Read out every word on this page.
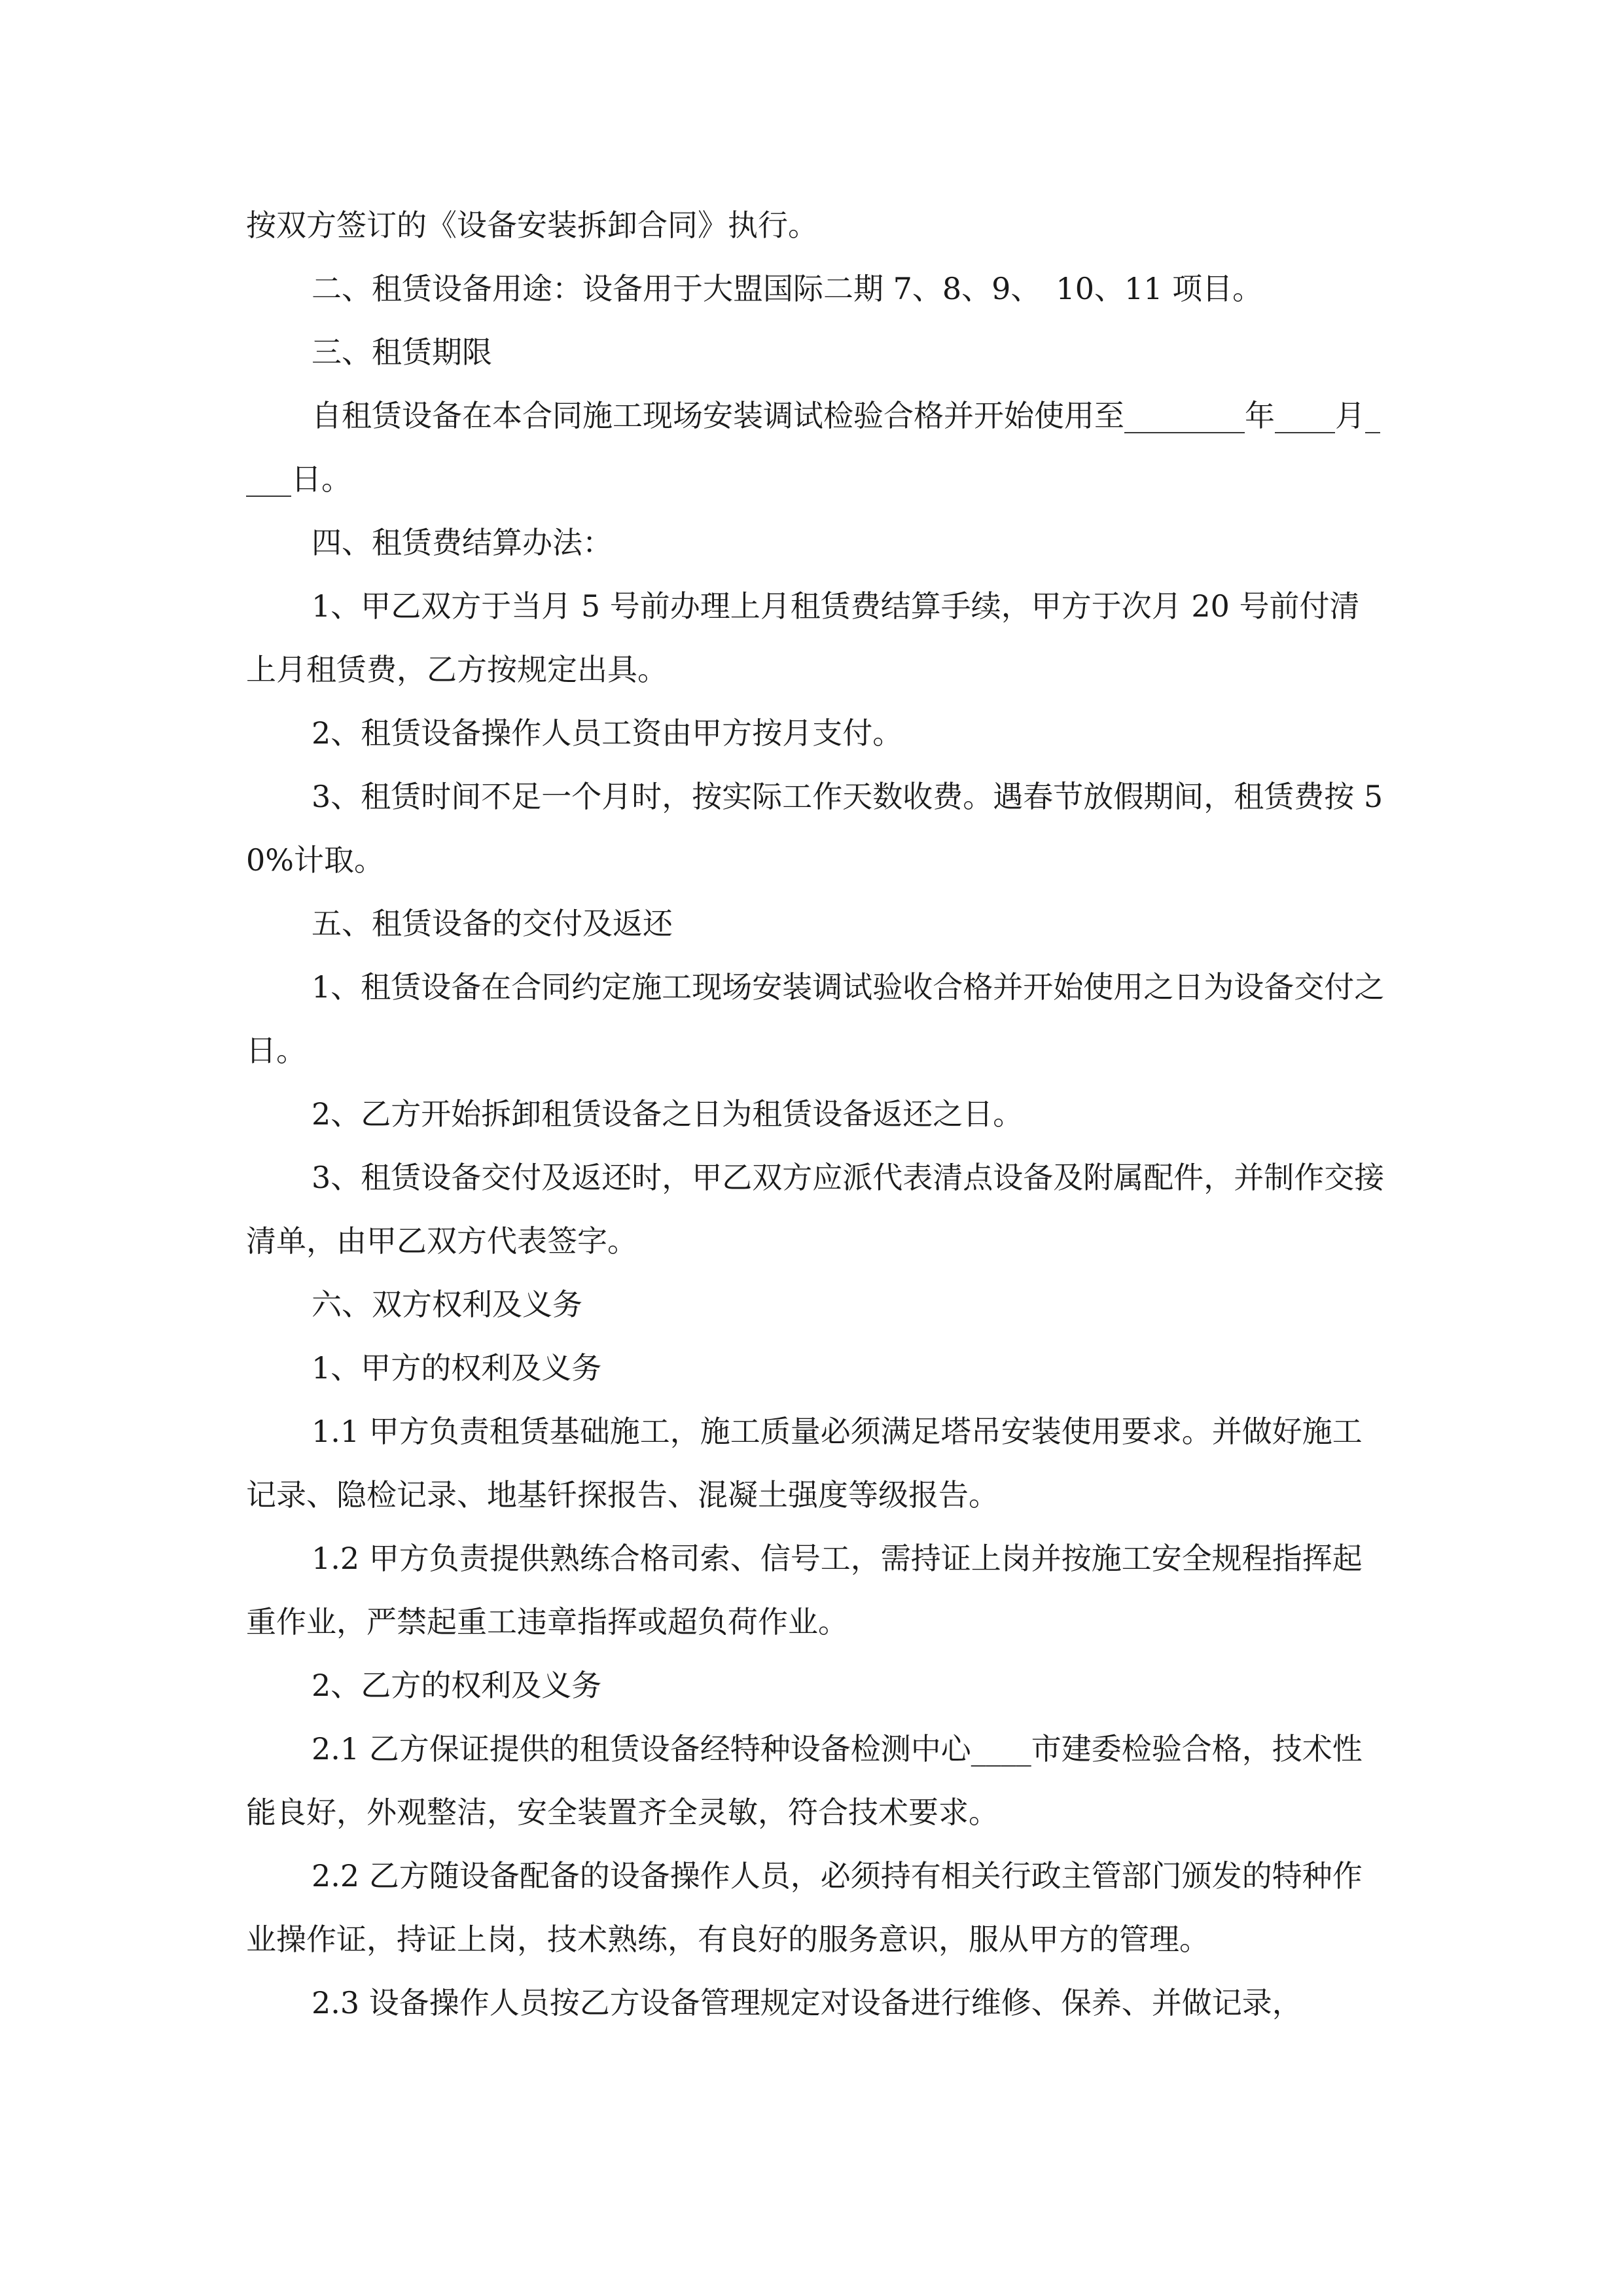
按双方签订的《设备安装拆卸合同》执行。

二、租赁设备用途：设备用于大盟国际二期 7、8、9、　10、11 项目。

三、租赁期限

自租赁设备在本合同施工现场安装调试检验合格并开始使用至________年____月____日。

四、租赁费结算办法：

1、甲乙双方于当月 5 号前办理上月租赁费结算手续，甲方于次月 20 号前付清上月租赁费，乙方按规定出具。

2、租赁设备操作人员工资由甲方按月支付。

3、租赁时间不足一个月时，按实际工作天数收费。遇春节放假期间，租赁费按 50%计取。

五、租赁设备的交付及返还

1、租赁设备在合同约定施工现场安装调试验收合格并开始使用之日为设备交付之日。

2、乙方开始拆卸租赁设备之日为租赁设备返还之日。

3、租赁设备交付及返还时，甲乙双方应派代表清点设备及附属配件，并制作交接清单，由甲乙双方代表签字。

六、双方权利及义务

1、甲方的权利及义务

1.1 甲方负责租赁基础施工，施工质量必须满足塔吊安装使用要求。并做好施工记录、隐检记录、地基钎探报告、混凝土强度等级报告。

1.2 甲方负责提供熟练合格司索、信号工，需持证上岗并按施工安全规程指挥起重作业，严禁起重工违章指挥或超负荷作业。

2、乙方的权利及义务

2.1 乙方保证提供的租赁设备经特种设备检测中心____市建委检验合格，技术性能良好，外观整洁，安全装置齐全灵敏，符合技术要求。

2.2 乙方随设备配备的设备操作人员，必须持有相关行政主管部门颁发的特种作业操作证，持证上岗，技术熟练，有良好的服务意识，服从甲方的管理。

2.3 设备操作人员按乙方设备管理规定对设备进行维修、保养、并做记录，
